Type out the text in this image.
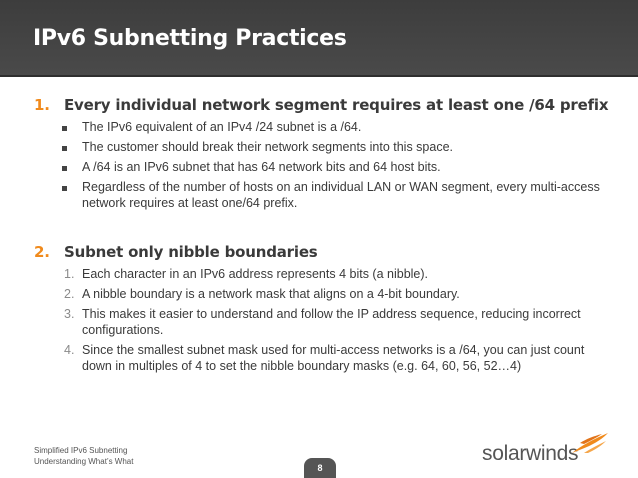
IPv6 Subnetting Practices
1. Every individual network segment requires at least one /64 prefix
The IPv6 equivalent of an IPv4 /24 subnet is a /64.
The customer should break their network segments into this space.
A /64 is an IPv6 subnet that has 64 network bits and 64 host bits.
Regardless of the number of hosts on an individual LAN or WAN segment, every multi-access network requires at least one/64 prefix.
2. Subnet only nibble boundaries
1. Each character in an IPv6 address represents 4 bits (a nibble).
2. A nibble boundary is a network mask that aligns on a 4-bit boundary.
3. This makes it easier to understand and follow the IP address sequence, reducing incorrect configurations.
4. Since the smallest subnet mask used for multi-access networks is a /64, you can just count down in multiples of 4 to set the nibble boundary masks (e.g. 64, 60, 56, 52…4)
Simplified IPv6 Subnetting
Understanding What’s What
8
solarwinds
